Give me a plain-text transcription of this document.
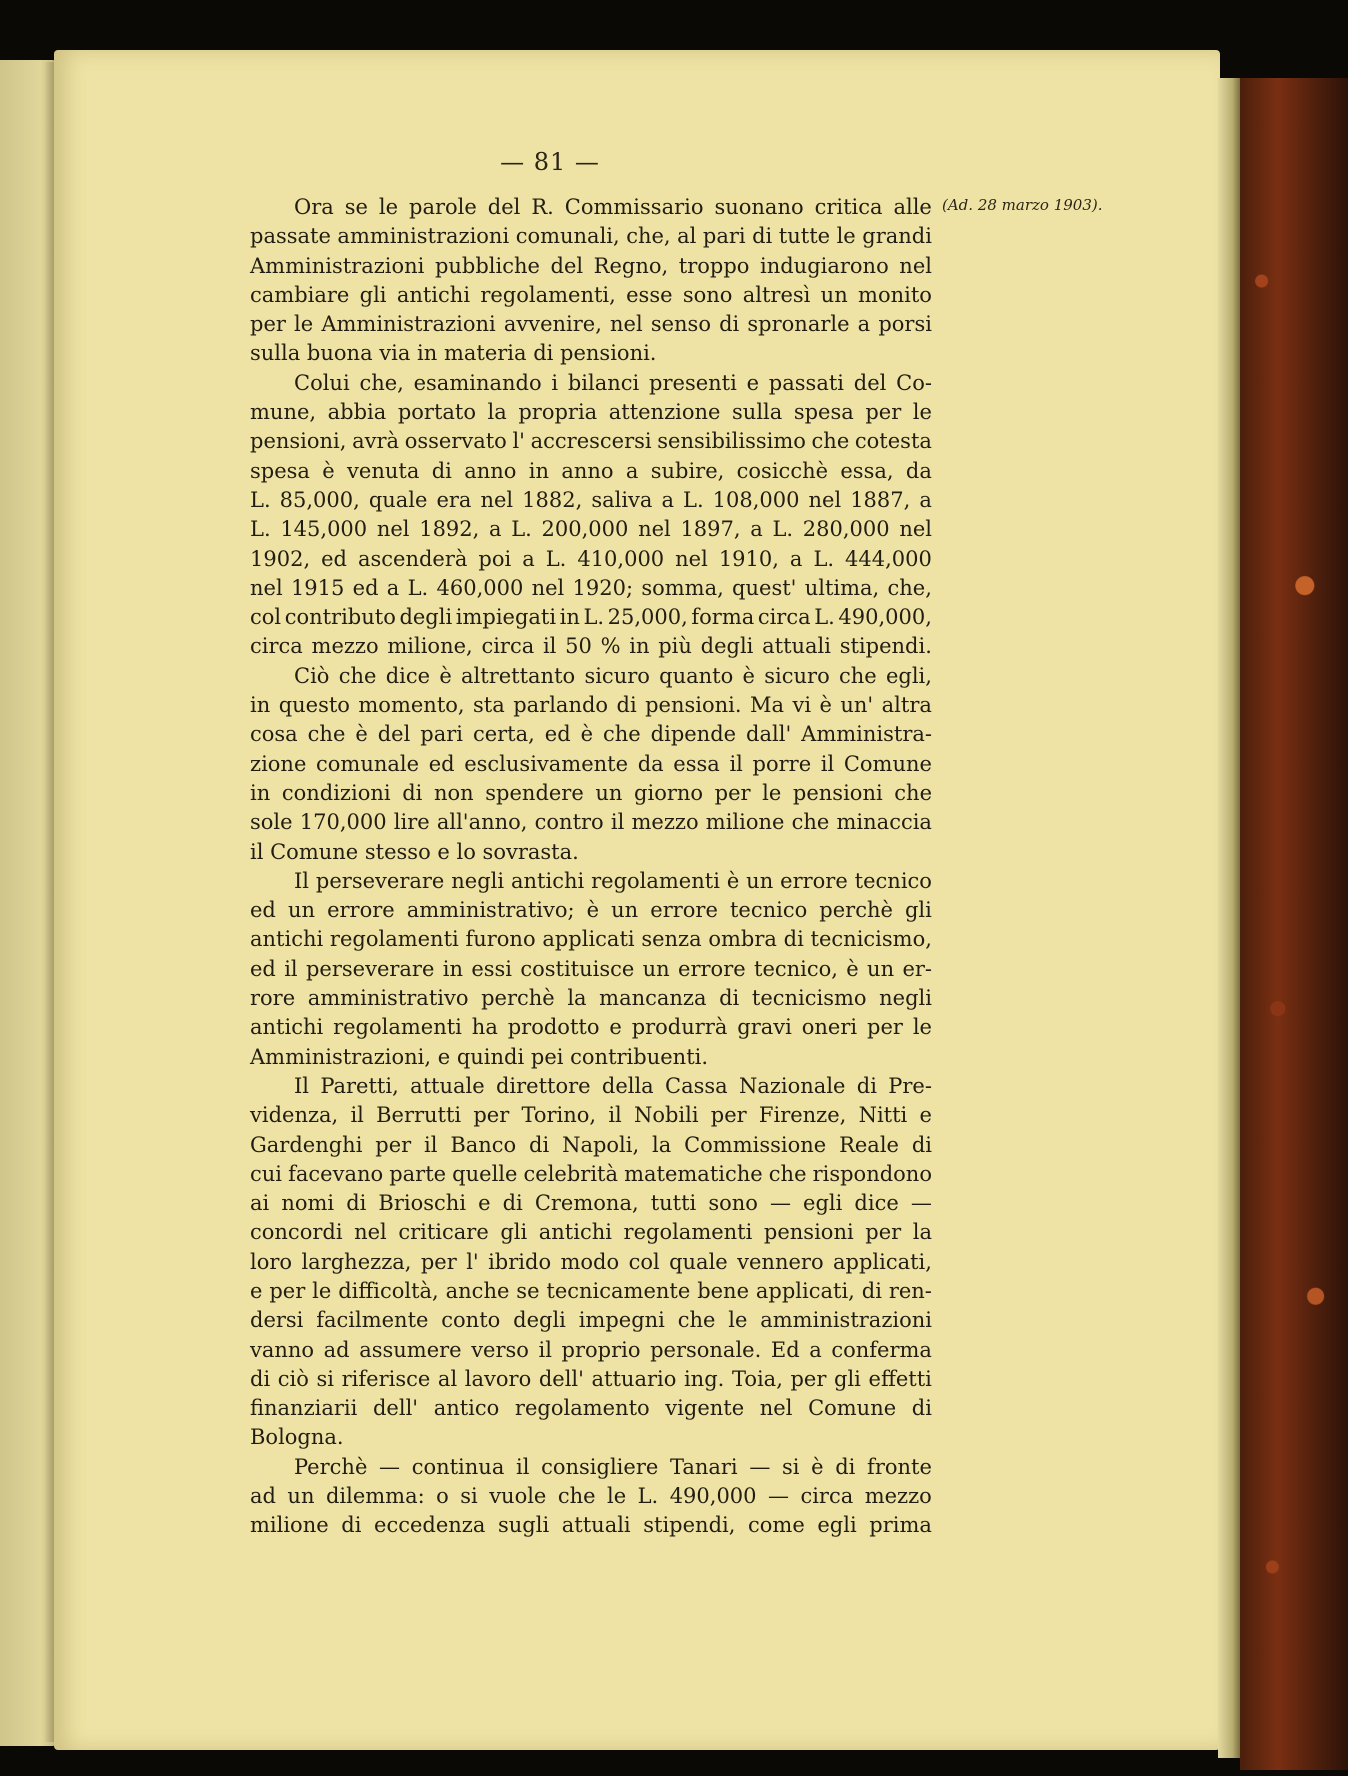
— 81 —
(Ad. 28 marzo 1903).
Ora se le parole del R. Commissario suonano critica alle
passate amministrazioni comunali, che, al pari di tutte le grandi
Amministrazioni pubbliche del Regno, troppo indugiarono nel
cambiare gli antichi regolamenti, esse sono altresì un monito
per le Amministrazioni avvenire, nel senso di spronarle a porsi
sulla buona via in materia di pensioni.
Colui che, esaminando i bilanci presenti e passati del Co-
mune, abbia portato la propria attenzione sulla spesa per le
pensioni, avrà osservato l' accrescersi sensibilissimo che cotesta
spesa è venuta di anno in anno a subire, cosicchè essa, da
L. 85,000, quale era nel 1882, saliva a L. 108,000 nel 1887, a
L. 145,000 nel 1892, a L. 200,000 nel 1897, a L. 280,000 nel
1902, ed ascenderà poi a L. 410,000 nel 1910, a L. 444,000
nel 1915 ed a L. 460,000 nel 1920; somma, quest' ultima, che,
col contributo degli impiegati in L. 25,000, forma circa L. 490,000,
circa mezzo milione, circa il 50 % in più degli attuali stipendi.
Ciò che dice è altrettanto sicuro quanto è sicuro che egli,
in questo momento, sta parlando di pensioni. Ma vi è un' altra
cosa che è del pari certa, ed è che dipende dall' Amministra-
zione comunale ed esclusivamente da essa il porre il Comune
in condizioni di non spendere un giorno per le pensioni che
sole 170,000 lire all'anno, contro il mezzo milione che minaccia
il Comune stesso e lo sovrasta.
Il perseverare negli antichi regolamenti è un errore tecnico
ed un errore amministrativo; è un errore tecnico perchè gli
antichi regolamenti furono applicati senza ombra di tecnicismo,
ed il perseverare in essi costituisce un errore tecnico, è un er-
rore amministrativo perchè la mancanza di tecnicismo negli
antichi regolamenti ha prodotto e produrrà gravi oneri per le
Amministrazioni, e quindi pei contribuenti.
Il Paretti, attuale direttore della Cassa Nazionale di Pre-
videnza, il Berrutti per Torino, il Nobili per Firenze, Nitti e
Gardenghi per il Banco di Napoli, la Commissione Reale di
cui facevano parte quelle celebrità matematiche che rispondono
ai nomi di Brioschi e di Cremona, tutti sono — egli dice —
concordi nel criticare gli antichi regolamenti pensioni per la
loro larghezza, per l' ibrido modo col quale vennero applicati,
e per le difficoltà, anche se tecnicamente bene applicati, di ren-
dersi facilmente conto degli impegni che le amministrazioni
vanno ad assumere verso il proprio personale. Ed a conferma
di ciò si riferisce al lavoro dell' attuario ing. Toia, per gli effetti
finanziarii dell' antico regolamento vigente nel Comune di
Bologna.
Perchè — continua il consigliere Tanari — si è di fronte
ad un dilemma: o si vuole che le L. 490,000 — circa mezzo
milione di eccedenza sugli attuali stipendi, come egli prima
